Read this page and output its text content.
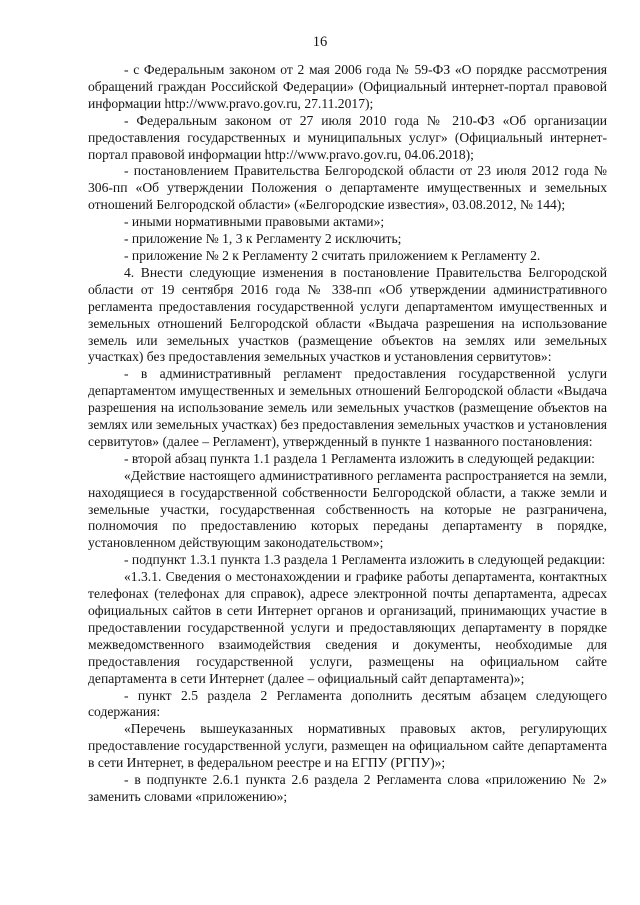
16

- с Федеральным законом от 2 мая 2006 года № 59-ФЗ «О порядке рассмотрения обращений граждан Российской Федерации» (Официальный интернет-портал правовой информации http://www.pravo.gov.ru, 27.11.2017);

- Федеральным законом от 27 июля 2010 года № 210-ФЗ «Об организации предоставления государственных и муниципальных услуг» (Официальный интернет-портал правовой информации http://www.pravo.gov.ru, 04.06.2018);

- постановлением Правительства Белгородской области от 23 июля 2012 года № 306-пп «Об утверждении Положения о департаменте имущественных и земельных отношений Белгородской области» («Белгородские известия», 03.08.2012, № 144);

- иными нормативными правовыми актами»;

- приложение № 1, 3 к Регламенту 2 исключить;

- приложение № 2 к Регламенту 2 считать приложением к Регламенту 2.

4. Внести следующие изменения в постановление Правительства Белгородской области от 19 сентября 2016 года № 338-пп «Об утверждении административного регламента предоставления государственной услуги департаментом имущественных и земельных отношений Белгородской области «Выдача разрешения на использование земель или земельных участков (размещение объектов на землях или земельных участках) без предоставления земельных участков и установления сервитутов»:

- в административный регламент предоставления государственной услуги департаментом имущественных и земельных отношений Белгородской области «Выдача разрешения на использование земель или земельных участков (размещение объектов на землях или земельных участках) без предоставления земельных участков и установления сервитутов» (далее – Регламент), утвержденный в пункте 1 названного постановления:

- второй абзац пункта 1.1 раздела 1 Регламента изложить в следующей редакции:

«Действие настоящего административного регламента распространяется на земли, находящиеся в государственной собственности Белгородской области, а также земли и земельные участки, государственная собственность на которые не разграничена, полномочия по предоставлению которых переданы департаменту в порядке, установленном действующим законодательством»;

- подпункт 1.3.1 пункта 1.3 раздела 1 Регламента изложить в следующей редакции:

«1.3.1. Сведения о местонахождении и графике работы департамента, контактных телефонах (телефонах для справок), адресе электронной почты департамента, адресах официальных сайтов в сети Интернет органов и организаций, принимающих участие в предоставлении государственной услуги и предоставляющих департаменту в порядке межведомственного взаимодействия сведения и документы, необходимые для предоставления государственной услуги, размещены на официальном сайте департамента в сети Интернет (далее – официальный сайт департамента)»;

- пункт 2.5 раздела 2 Регламента дополнить десятым абзацем следующего содержания:

«Перечень вышеуказанных нормативных правовых актов, регулирующих предоставление государственной услуги, размещен на официальном сайте департамента в сети Интернет, в федеральном реестре и на ЕГПУ (РГПУ)»;

- в подпункте 2.6.1 пункта 2.6 раздела 2 Регламента слова «приложению № 2» заменить словами «приложению»;
